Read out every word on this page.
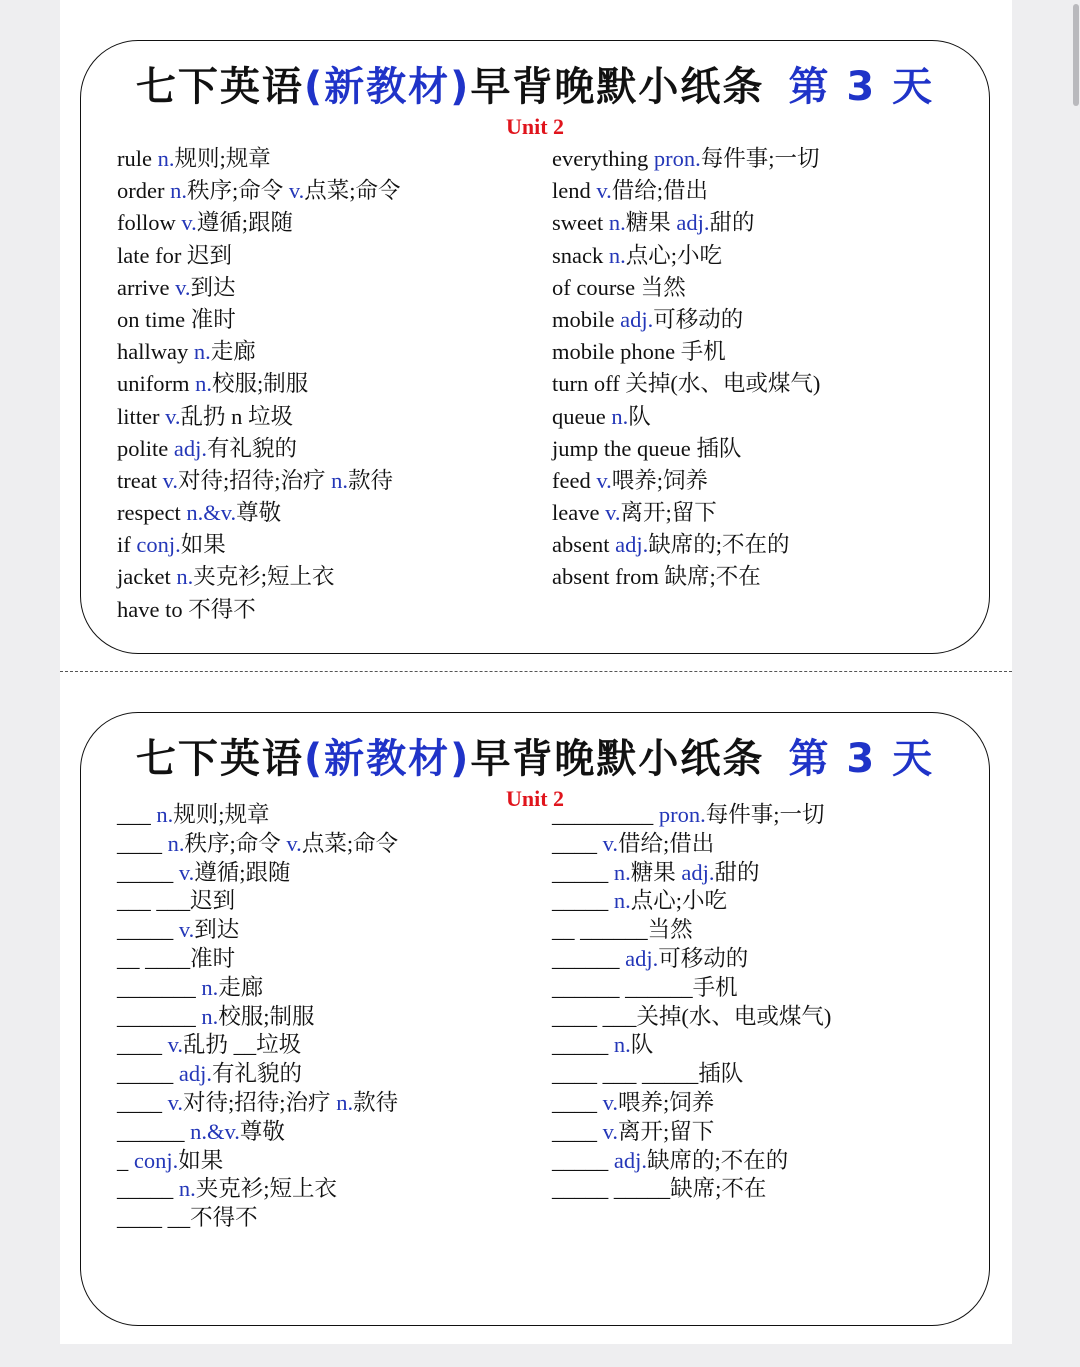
七下英语(新教材)早背晚默小纸条 第 3 天
Unit 2
rule n.规则;规章
order n.秩序;命令 v.点菜;命令
follow v.遵循;跟随
late for 迟到
arrive v.到达
on time 准时
hallway n.走廊
uniform n.校服;制服
litter v.乱扔 n 垃圾
polite adj.有礼貌的
treat v.对待;招待;治疗 n.款待
respect n.&v.尊敬
if conj.如果
jacket n.夹克衫;短上衣
have to 不得不
everything pron.每件事;一切
lend v.借给;借出
sweet n.糖果 adj.甜的
snack n.点心;小吃
of course 当然
mobile adj.可移动的
mobile phone 手机
turn off 关掉(水、电或煤气)
queue n.队
jump the queue 插队
feed v.喂养;饲养
leave v.离开;留下
absent adj.缺席的;不在的
absent from 缺席;不在
七下英语(新教材)早背晚默小纸条 第 3 天
Unit 2
___ n.规则;规章
____ n.秩序;命令 v.点菜;命令
_____ v.遵循;跟随
___ ___迟到
_____ v.到达
__ ____准时
_______ n.走廊
_______ n.校服;制服
____ v.乱扔 __垃圾
_____ adj.有礼貌的
____ v.对待;招待;治疗 n.款待
______ n.&v.尊敬
_ conj.如果
_____ n.夹克衫;短上衣
____ __不得不
_________ pron.每件事;一切
____ v.借给;借出
_____ n.糖果 adj.甜的
_____ n.点心;小吃
__ ______当然
______ adj.可移动的
______ ______手机
____ ___关掉(水、电或煤气)
_____ n.队
____ ___ _____插队
____ v.喂养;饲养
____ v.离开;留下
_____ adj.缺席的;不在的
_____ _____缺席;不在
